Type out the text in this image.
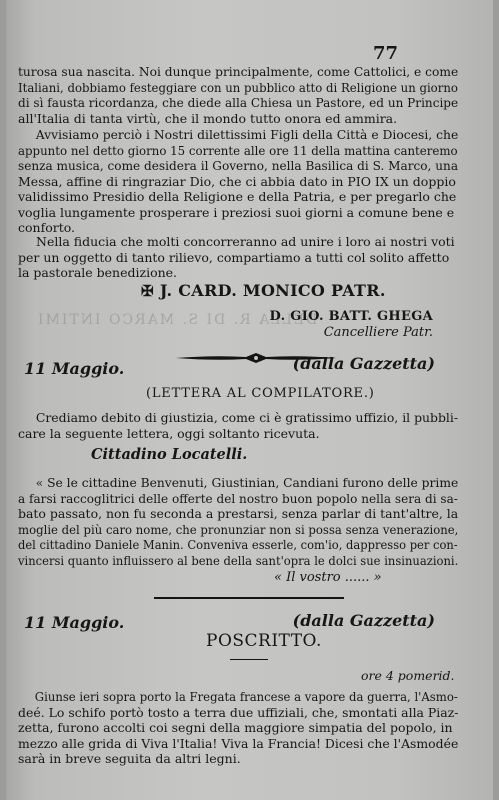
DELLA R. DI S. MARCO INTIMI
77
turosa sua nascita. Noi dunque principalmente, come Cattolici, e come
Italiani, dobbiamo festeggiare con un pubblico atto di Religione un giorno
di sì fausta ricordanza, che diede alla Chiesa un Pastore, ed un Principe
all'Italia di tanta virtù, che il mondo tutto onora ed ammira.
Avvisiamo perciò i Nostri dilettissimi Figli della Città e Diocesi, che
appunto nel detto giorno 15 corrente alle ore 11 della mattina canteremo
senza musica, come desidera il Governo, nella Basilica di S. Marco, una
Messa, affine di ringraziar Dio, che ci abbia dato in PIO IX un doppio
validissimo Presidio della Religione e della Patria, e per pregarlo che
voglia lungamente prosperare i preziosi suoi giorni a comune bene e
conforto.
Nella fiducia che molti concorreranno ad unire i loro ai nostri voti
per un oggetto di tanto rilievo, compartiamo a tutti col solito affetto
la pastorale benedizione.
✠ J. CARD. MONICO PATR.
D. GIO. BATT. GHEGA
Cancelliere Patr.
11 Maggio.	(dalla Gazzetta)
(LETTERA AL COMPILATORE.)
Crediamo debito di giustizia, come ci è gratissimo uffizio, il pubbli-
care la seguente lettera, oggi soltanto ricevuta.
Cittadino Locatelli.
« Se le cittadine Benvenuti, Giustinian, Candiani furono delle prime
a farsi raccoglitrici delle offerte del nostro buon popolo nella sera di sa-
bato passato, non fu seconda a prestarsi, senza parlar di tant'altre, la
moglie del più caro nome, che pronunziar non si possa senza venerazione,
del cittadino Daniele Manin. Conveniva esserle, com'io, dappresso per con-
vincersi quanto influissero al bene della sant'opra le dolci sue insinuazioni.
« Il vostro ...... »
11 Maggio.	(dalla Gazzetta)
POSCRITTO.
ore 4 pomerid.
Giunse ieri sopra porto la Fregata francese a vapore da guerra, l'Asmo-
deé. Lo schifo portò tosto a terra due uffiziali, che, smontati alla Piaz-
zetta, furono accolti coi segni della maggiore simpatia del popolo, in
mezzo alle grida di Viva l'Italia! Viva la Francia! Dicesi che l'Asmodée
sarà in breve seguita da altri legni.
